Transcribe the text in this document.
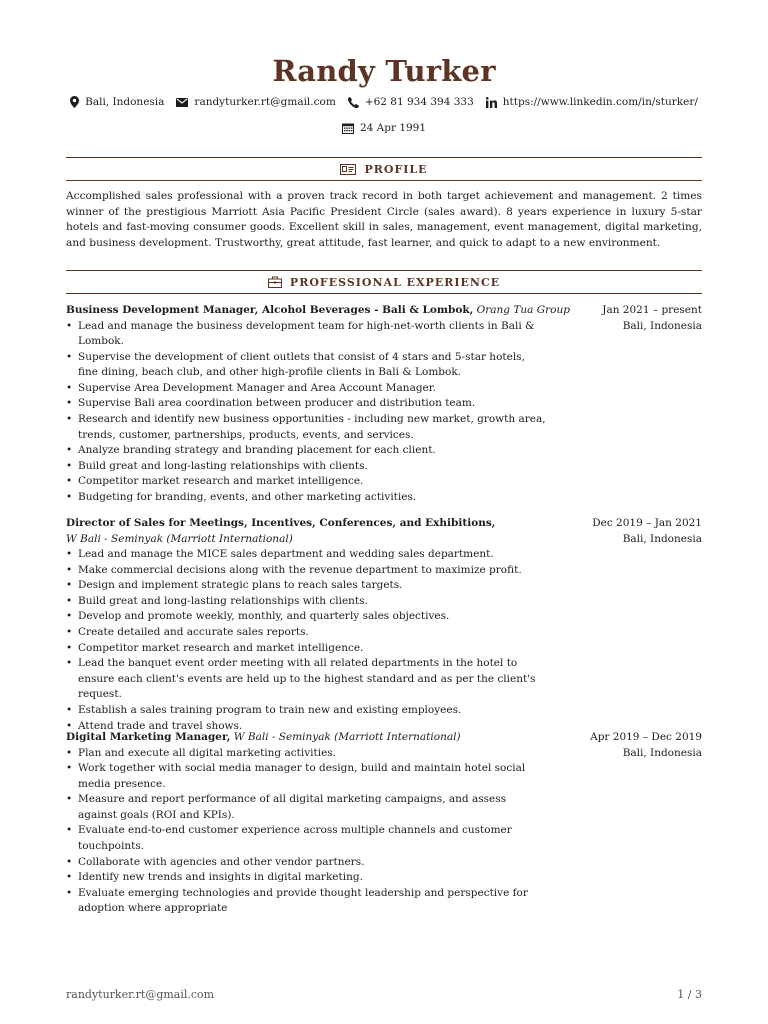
Randy Turker
Bali, Indonesia	randyturker.rt@gmail.com	+62 81 934 394 333	https://www.linkedin.com/in/sturker/
24 Apr 1991
PROFILE
Accomplished sales professional with a proven track record in both target achievement and management. 2 times winner of the prestigious Marriott Asia Pacific President Circle (sales award). 8 years experience in luxury 5-star hotels and fast-moving consumer goods. Excellent skill in sales, management, event management, digital marketing, and business development. Trustworthy, great attitude, fast learner, and quick to adapt to a new environment.
PROFESSIONAL EXPERIENCE
Business Development Manager, Alcohol Beverages - Bali & Lombok, Orang Tua Group	Jan 2021 – present
Bali, Indonesia
• Lead and manage the business development team for high-net-worth clients in Bali & Lombok.
• Supervise the development of client outlets that consist of 4 stars and 5-star hotels, fine dining, beach club, and other high-profile clients in Bali & Lombok.
• Supervise Area Development Manager and Area Account Manager.
• Supervise Bali area coordination between producer and distribution team.
• Research and identify new business opportunities - including new market, growth area, trends, customer, partnerships, products, events, and services.
• Analyze branding strategy and branding placement for each client.
• Build great and long-lasting relationships with clients.
• Competitor market research and market intelligence.
• Budgeting for branding, events, and other marketing activities.
Director of Sales for Meetings, Incentives, Conferences, and Exhibitions,	Dec 2019 – Jan 2021
W Bali - Seminyak (Marriott International)	Bali, Indonesia
• Lead and manage the MICE sales department and wedding sales department.
• Make commercial decisions along with the revenue department to maximize profit.
• Design and implement strategic plans to reach sales targets.
• Build great and long-lasting relationships with clients.
• Develop and promote weekly, monthly, and quarterly sales objectives.
• Create detailed and accurate sales reports.
• Competitor market research and market intelligence.
• Lead the banquet event order meeting with all related departments in the hotel to ensure each client's events are held up to the highest standard and as per the client's request.
• Establish a sales training program to train new and existing employees.
• Attend trade and travel shows.
Digital Marketing Manager, W Bali - Seminyak (Marriott International)	Apr 2019 – Dec 2019
Bali, Indonesia
• Plan and execute all digital marketing activities.
• Work together with social media manager to design, build and maintain hotel social media presence.
• Measure and report performance of all digital marketing campaigns, and assess against goals (ROI and KPIs).
• Evaluate end-to-end customer experience across multiple channels and customer touchpoints.
• Collaborate with agencies and other vendor partners.
• Identify new trends and insights in digital marketing.
• Evaluate emerging technologies and provide thought leadership and perspective for adoption where appropriate
randyturker.rt@gmail.com	1 / 3
